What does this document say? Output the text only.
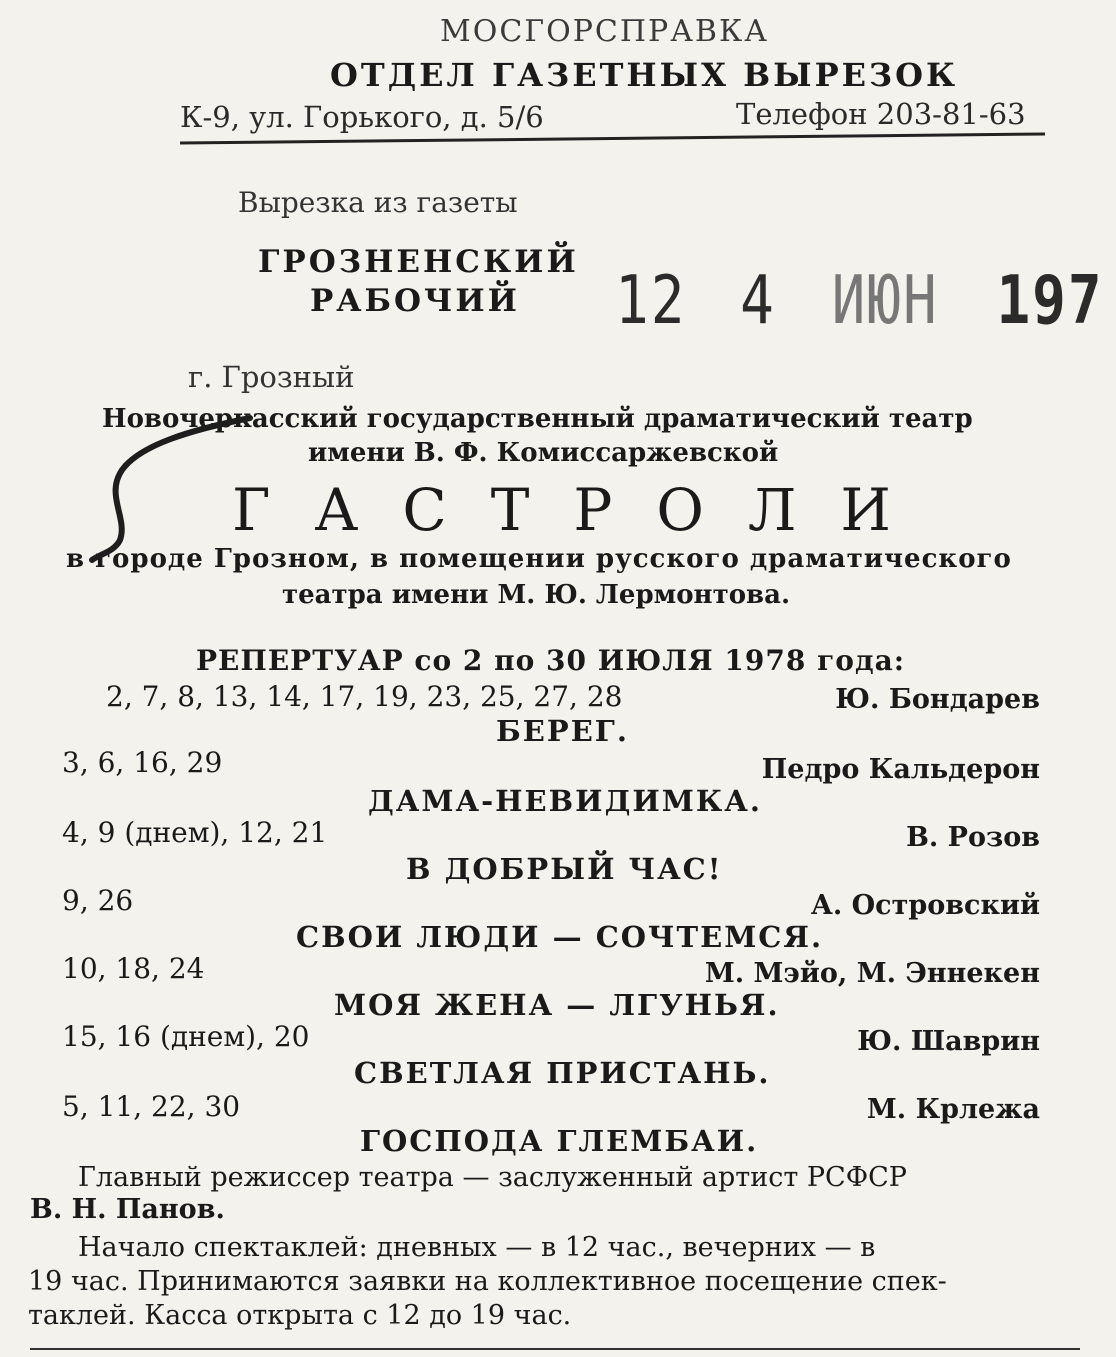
МОСГОРСПРАВКА
ОТДЕЛ ГАЗЕТНЫХ ВЫРЕЗОК
К-9, ул. Горького, д. 5/6	Телефон 203-81-63
Вырезка из газеты
ГРОЗНЕНСКИЙ
РАБОЧИЙ 12 4 ИЮН 197
г. Грозный
Новочеркасский государственный драматический театр
имени В. Ф. Комиссаржевской
ГАСТРОЛИ
в городе Грозном, в помещении русского драматического
театра имени М. Ю. Лермонтова.
РЕПЕРТУАР со 2 по 30 ИЮЛЯ 1978 года:
2, 7, 8, 13, 14, 17, 19, 23, 25, 27, 28	Ю. Бондарев
БЕРЕГ.
3, 6, 16, 29	Педро Кальдерон
ДАМА-НЕВИДИМКА.
4, 9 (днем), 12, 21	В. Розов
В ДОБРЫЙ ЧАС!
9, 26	А. Островский
СВОИ ЛЮДИ — СОЧТЕМСЯ.
10, 18, 24	М. Мэйо, М. Эннекен
МОЯ ЖЕНА — ЛГУНЬЯ.
15, 16 (днем), 20	Ю. Шаврин
СВЕТЛАЯ ПРИСТАНЬ.
5, 11, 22, 30	М. Крлежа
ГОСПОДА ГЛЕМБАИ.
Главный режиссер театра — заслуженный артист РСФСР
В. Н. Панов.
Начало спектаклей: дневных — в 12 час., вечерних — в
19 час. Принимаются заявки на коллективное посещение спек-
таклей. Касса открыта с 12 до 19 час.
